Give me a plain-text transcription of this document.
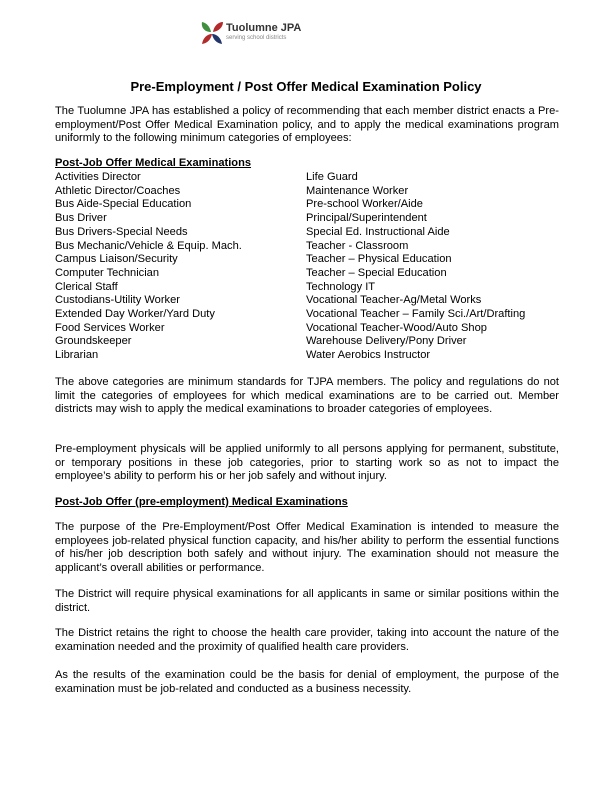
Tuolumne JPA
serving school districts
Pre-Employment / Post Offer Medical Examination Policy

The Tuolumne JPA has established a policy of recommending that each member district enacts a Pre-employment/Post Offer Medical Examination policy, and to apply the medical examinations program uniformly to the following minimum categories of employees:

Post-Job Offer Medical Examinations
Activities Director
Athletic Director/Coaches
Bus Aide-Special Education
Bus Driver
Bus Drivers-Special Needs
Bus Mechanic/Vehicle & Equip. Mach.
Campus Liaison/Security
Computer Technician
Clerical Staff
Custodians-Utility Worker
Extended Day Worker/Yard Duty
Food Services Worker
Groundskeeper
Librarian
Life Guard
Maintenance Worker
Pre-school Worker/Aide
Principal/Superintendent
Special Ed. Instructional Aide
Teacher - Classroom
Teacher – Physical Education
Teacher – Special Education
Technology IT
Vocational Teacher-Ag/Metal Works
Vocational Teacher – Family Sci./Art/Drafting
Vocational Teacher-Wood/Auto Shop
Warehouse Delivery/Pony Driver
Water Aerobics Instructor

The above categories are minimum standards for TJPA members. The policy and regulations do not limit the categories of employees for which medical examinations are to be carried out. Member districts may wish to apply the medical examinations to broader categories of employees.

Pre-employment physicals will be applied uniformly to all persons applying for permanent, substitute, or temporary positions in these job categories, prior to starting work so as not to impact the employee’s ability to perform his or her job safely and without injury.

Post-Job Offer (pre-employment) Medical Examinations

The purpose of the Pre-Employment/Post Offer Medical Examination is intended to measure the employees job-related physical function capacity, and his/her ability to perform the essential functions of his/her job description both safely and without injury. The examination should not measure the applicant’s overall abilities or performance.

The District will require physical examinations for all applicants in same or similar positions within the district.

The District retains the right to choose the health care provider, taking into account the nature of the examination needed and the proximity of qualified health care providers.

As the results of the examination could be the basis for denial of employment, the purpose of the examination must be job-related and conducted as a business necessity.
